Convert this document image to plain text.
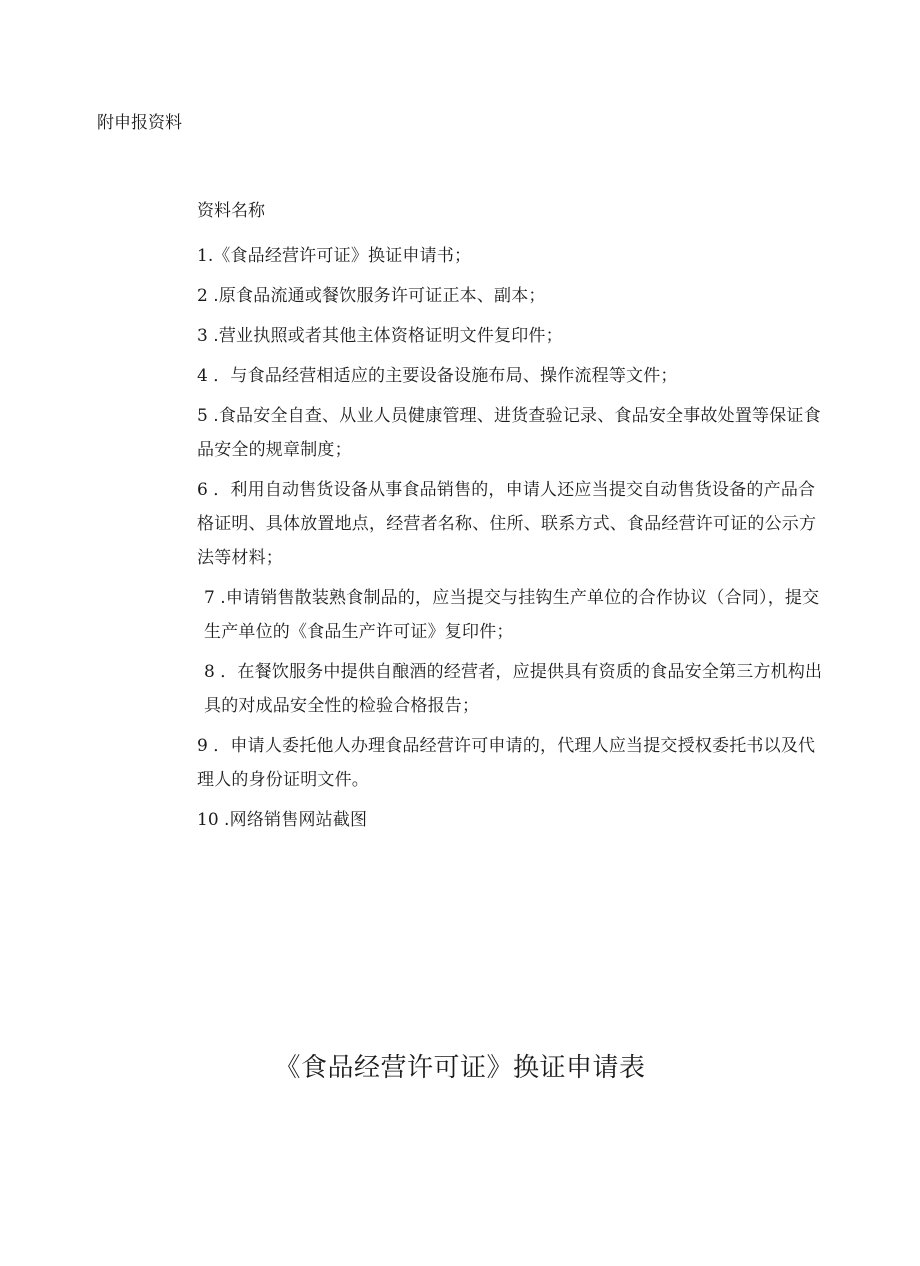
附申报资料

资料名称

1.《食品经营许可证》换证申请书；

2 .原食品流通或餐饮服务许可证正本、副本；

3 .营业执照或者其他主体资格证明文件复印件；

4 ．与食品经营相适应的主要设备设施布局、操作流程等文件；

5 .食品安全自查、从业人员健康管理、进货查验记录、食品安全事故处置等保证食品安全的规章制度；

6 ．利用自动售货设备从事食品销售的，申请人还应当提交自动售货设备的产品合格证明、具体放置地点，经营者名称、住所、联系方式、食品经营许可证的公示方法等材料；

7 .申请销售散装熟食制品的，应当提交与挂钩生产单位的合作协议（合同），提交生产单位的《食品生产许可证》复印件；

8 ．在餐饮服务中提供自酿酒的经营者，应提供具有资质的食品安全第三方机构出具的对成品安全性的检验合格报告；

9 ．申请人委托他人办理食品经营许可申请的，代理人应当提交授权委托书以及代理人的身份证明文件。

10 .网络销售网站截图

《食品经营许可证》换证申请表
